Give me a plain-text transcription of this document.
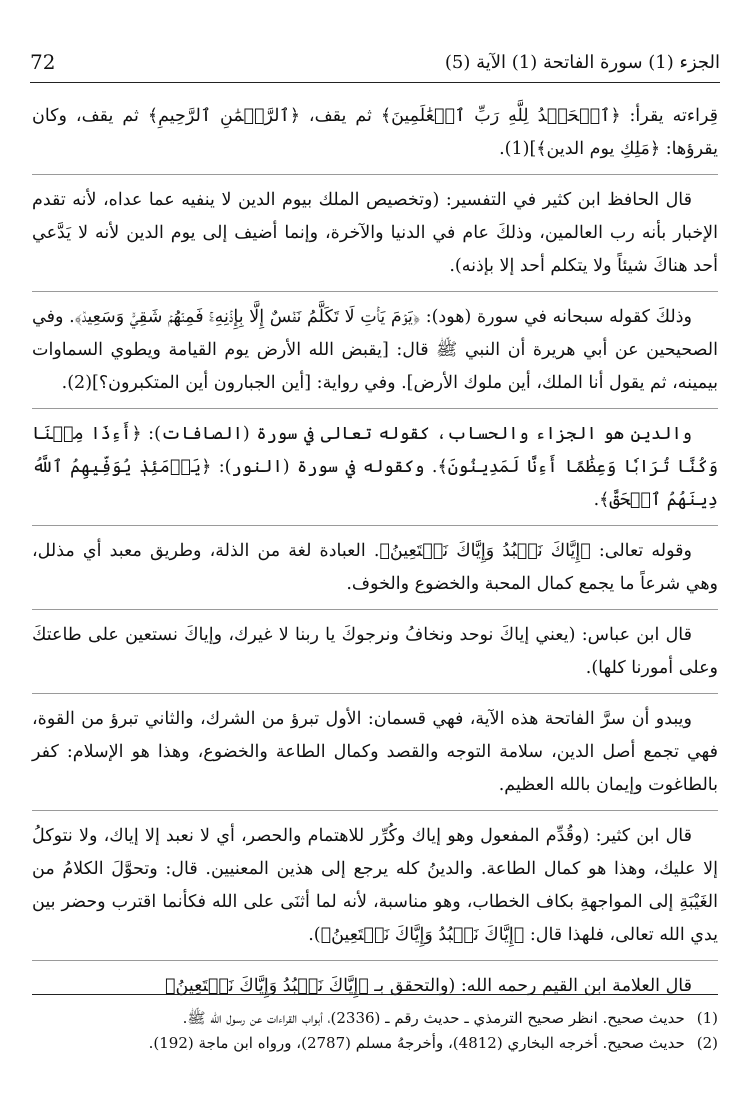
72	الجزء (1) سورة الفاتحة (1) الآية (5)

قِراءته يقرأ: ﴿ٱلۡحَمۡدُ لِلَّهِ رَبِّ ٱلۡعَٰلَمِينَ﴾ ثم يقف، ﴿ٱلرَّحۡمَٰنِ ٱلرَّحِيمِ﴾ ثم يقف، وكان يقرؤها: ﴿مَلِكِ يوم الدين﴾](1).

قال الحافظ ابن كثير في التفسير: (وتخصيص الملك بيوم الدين لا ينفيه عما عداه، لأنه تقدم الإخبار بأنه رب العالمين، وذلكَ عام في الدنيا والآخرة، وإنما أضيف إلى يوم الدين لأنه لا يَدَّعي أحد هناكَ شيئاً ولا يتكلم أحد إلا بإذنه).

وذلكَ كقوله سبحانه في سورة (هود): ﴿يَوۡمَ يَأۡتِ لَا تَكَلَّمُ نَفۡسٌ إِلَّا بِإِذۡنِهِۦۚ فَمِنۡهُمۡ شَقِيّٞ وَسَعِيدٞ﴾. وفي الصحيحين عن أبي هريرة أن النبي ﷺ قال: [يقبض الله الأرض يوم القيامة ويطوي السماوات بيمينه، ثم يقول أنا الملك، أين ملوك الأرض]. وفي رواية: [أين الجبارون أين المتكبرون؟](2).

والدين هو الجزاء والحساب، كقوله تعالى في سورة (الصافات): ﴿أَءِذَا مِتۡنَا وَكُنَّا تُرَابٗا وَعِظَٰمًا أَءِنَّا لَمَدِينُونَ﴾. وكقوله في سورة (النور): ﴿يَوۡمَئِذٖ يُوَفِّيهِمُ ٱللَّهُ دِينَهُمُ ٱلۡحَقَّ﴾.

وقوله تعالى: ﴿إِيَّاكَ نَعۡبُدُ وَإِيَّاكَ نَسۡتَعِينُ﴾. العبادة لغة من الذلة، وطريق معبد أي مذلل، وهي شرعاً ما يجمع كمال المحبة والخضوع والخوف.

قال ابن عباس: (يعني إياكَ نوحد ونخافُ ونرجوكَ يا ربنا لا غيرك، وإياكَ نستعين على طاعتكَ وعلى أمورنا كلها).

ويبدو أن سرَّ الفاتحة هذه الآية، فهي قسمان: الأول تبرؤ من الشرك، والثاني تبرؤ من القوة، فهي تجمع أصل الدين، سلامة التوجه والقصد وكمال الطاعة والخضوع، وهذا هو الإسلام: كفر بالطاغوت وإيمان بالله العظيم.

قال ابن كثير: (وقُدِّم المفعول وهو إياك وكُرِّر للاهتمام والحصر، أي لا نعبد إلا إياك، ولا نتوكلُ إلا عليك، وهذا هو كمال الطاعة. والدينُ كله يرجع إلى هذين المعنيين. قال: وتحوَّلَ الكلامُ من الغَيْبَةِ إلى المواجهةِ بكاف الخطاب، وهو مناسبة، لأنه لما أثنَى على الله فكأنما اقترب وحضر بين يدي الله تعالى، فلهذا قال: ﴿إِيَّاكَ نَعۡبُدُ وَإِيَّاكَ نَسۡتَعِينُ﴾).

قال العلامة ابن القيم رحمه الله: (والتحقق بـ ﴿إِيَّاكَ نَعۡبُدُ وَإِيَّاكَ نَسۡتَعِينُ﴾

(1)
حديث صحيح. انظر صحيح الترمذي ـ حديث رقم ـ (2336)، أبواب القراءات عن رسول الله ﷺ.
(2)
حديث صحيح. أخرجه البخاري (4812)، وأخرجهُ مسلم (2787)، ورواه ابن ماجة (192).
